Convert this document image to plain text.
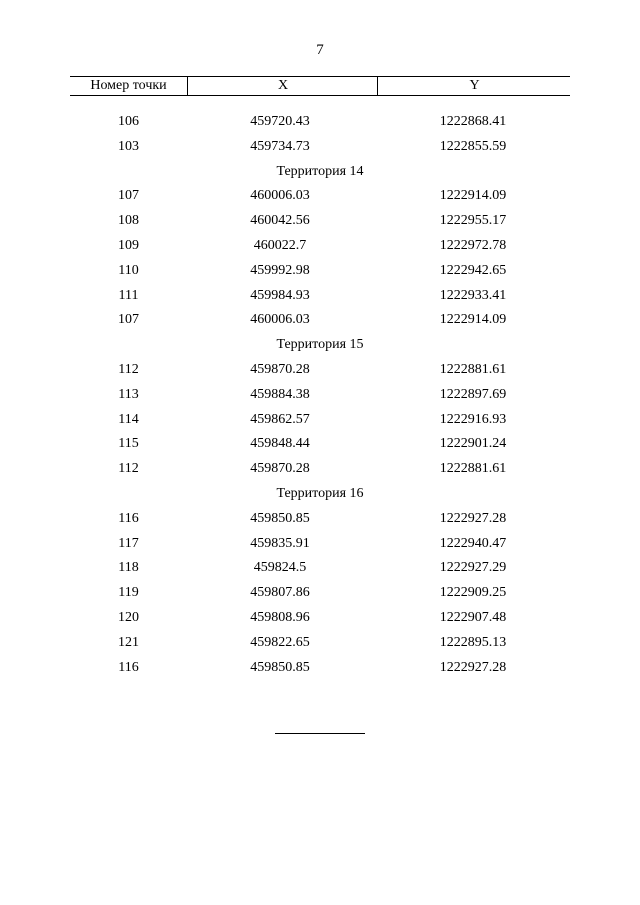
7
Номер точки	X	Y
106	459720.43	1222868.41
103	459734.73	1222855.59
Территория 14
107	460006.03	1222914.09
108	460042.56	1222955.17
109	460022.7	1222972.78
110	459992.98	1222942.65
111	459984.93	1222933.41
107	460006.03	1222914.09
Территория 15
112	459870.28	1222881.61
113	459884.38	1222897.69
114	459862.57	1222916.93
115	459848.44	1222901.24
112	459870.28	1222881.61
Территория 16
116	459850.85	1222927.28
117	459835.91	1222940.47
118	459824.5	1222927.29
119	459807.86	1222909.25
120	459808.96	1222907.48
121	459822.65	1222895.13
116	459850.85	1222927.28
